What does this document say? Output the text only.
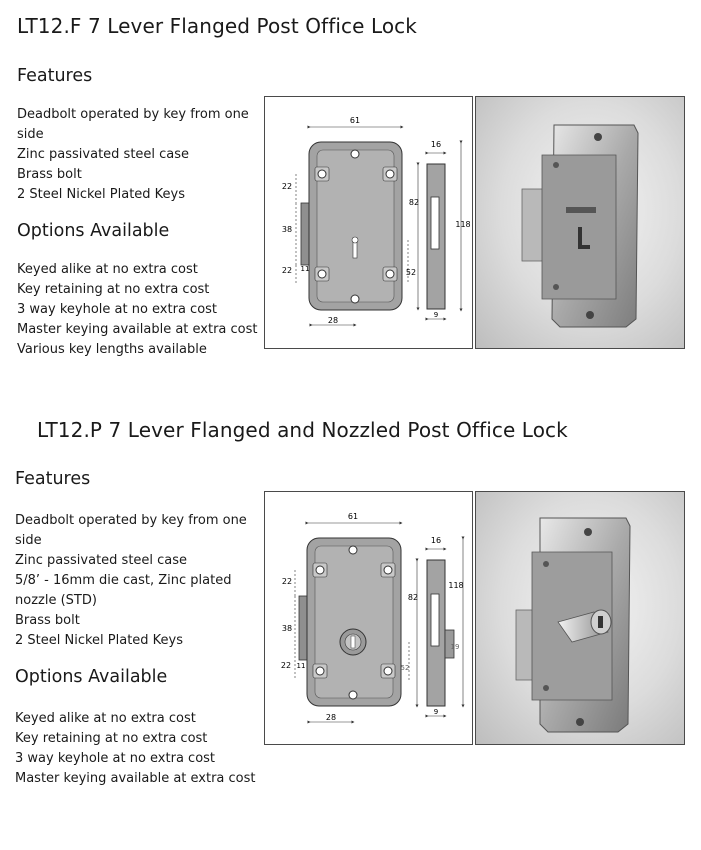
LT12.F 7 Lever Flanged Post Office Lock
Features
Deadbolt operated by key from one
side
Zinc passivated steel case
Brass bolt
2 Steel Nickel Plated Keys
Options Available
Keyed alike at no extra cost
Key retaining at no extra cost
3 way keyhole at no extra cost
Master keying available at extra cost
Various key lengths available
61
16
118
82
22
38
22 11	52
28
9
LT12.P 7 Lever Flanged and Nozzled Post Office Lock
Features
Deadbolt operated by key from one
side
Zinc passivated steel case
5/8’ - 16mm die cast, Zinc plated
nozzle (STD)
Brass bolt
2 Steel Nickel Plated Keys
Options Available
Keyed alike at no extra cost
Key retaining at no extra cost
3 way keyhole at no extra cost
Master keying available at extra cost
61
16
118
82
22
38
22 11	52
19
28
9
